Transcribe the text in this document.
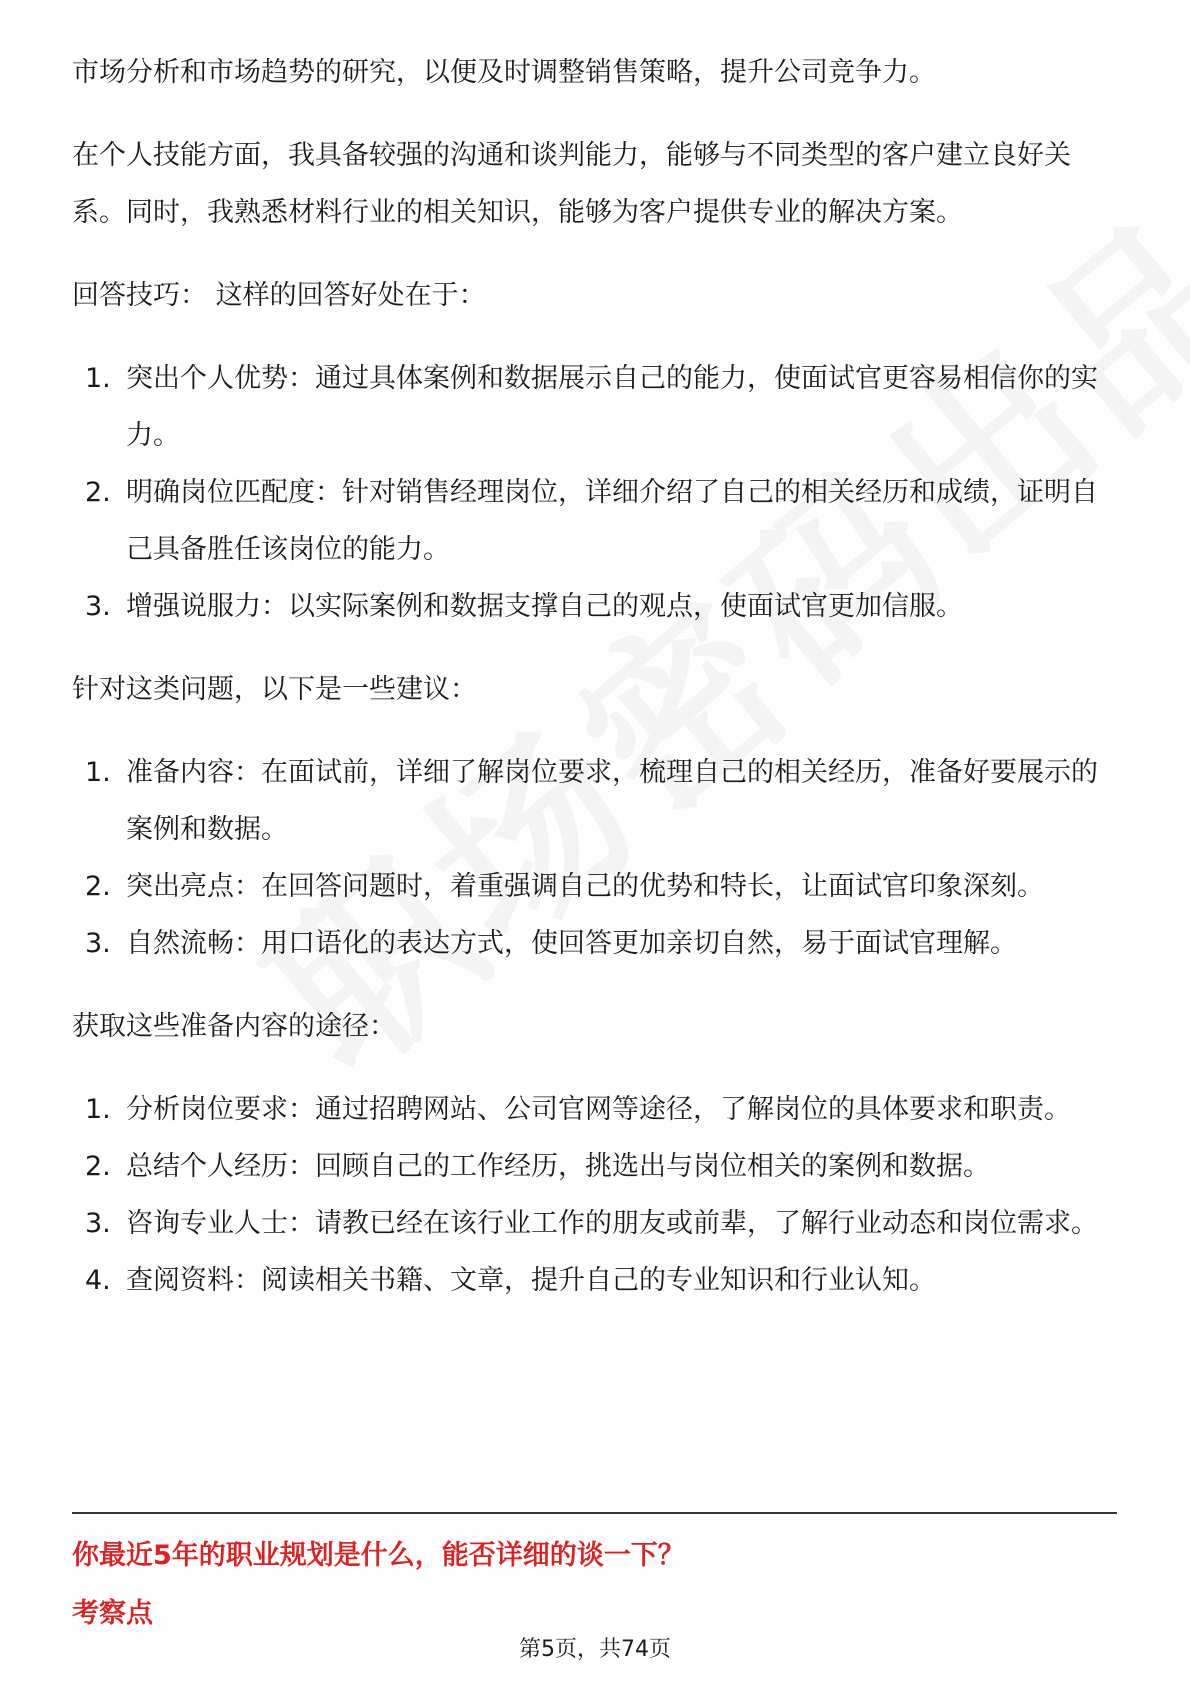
市场分析和市场趋势的研究，以便及时调整销售策略，提升公司竞争力。

在个人技能方面，我具备较强的沟通和谈判能力，能够与不同类型的客户建立良好关系。同时，我熟悉材料行业的相关知识，能够为客户提供专业的解决方案。

回答技巧： 这样的回答好处在于：

1. 突出个人优势：通过具体案例和数据展示自己的能力，使面试官更容易相信你的实力。
2. 明确岗位匹配度：针对销售经理岗位，详细介绍了自己的相关经历和成绩，证明自己具备胜任该岗位的能力。
3. 增强说服力：以实际案例和数据支撑自己的观点，使面试官更加信服。

针对这类问题，以下是一些建议：

1. 准备内容：在面试前，详细了解岗位要求，梳理自己的相关经历，准备好要展示的案例和数据。
2. 突出亮点：在回答问题时，着重强调自己的优势和特长，让面试官印象深刻。
3. 自然流畅：用口语化的表达方式，使回答更加亲切自然，易于面试官理解。

获取这些准备内容的途径：

1. 分析岗位要求：通过招聘网站、公司官网等途径，了解岗位的具体要求和职责。
2. 总结个人经历：回顾自己的工作经历，挑选出与岗位相关的案例和数据。
3. 咨询专业人士：请教已经在该行业工作的朋友或前辈，了解行业动态和岗位需求。
4. 查阅资料：阅读相关书籍、文章，提升自己的专业知识和行业认知。
你最近5年的职业规划是什么，能否详细的谈一下？
考察点
第5页，共74页
